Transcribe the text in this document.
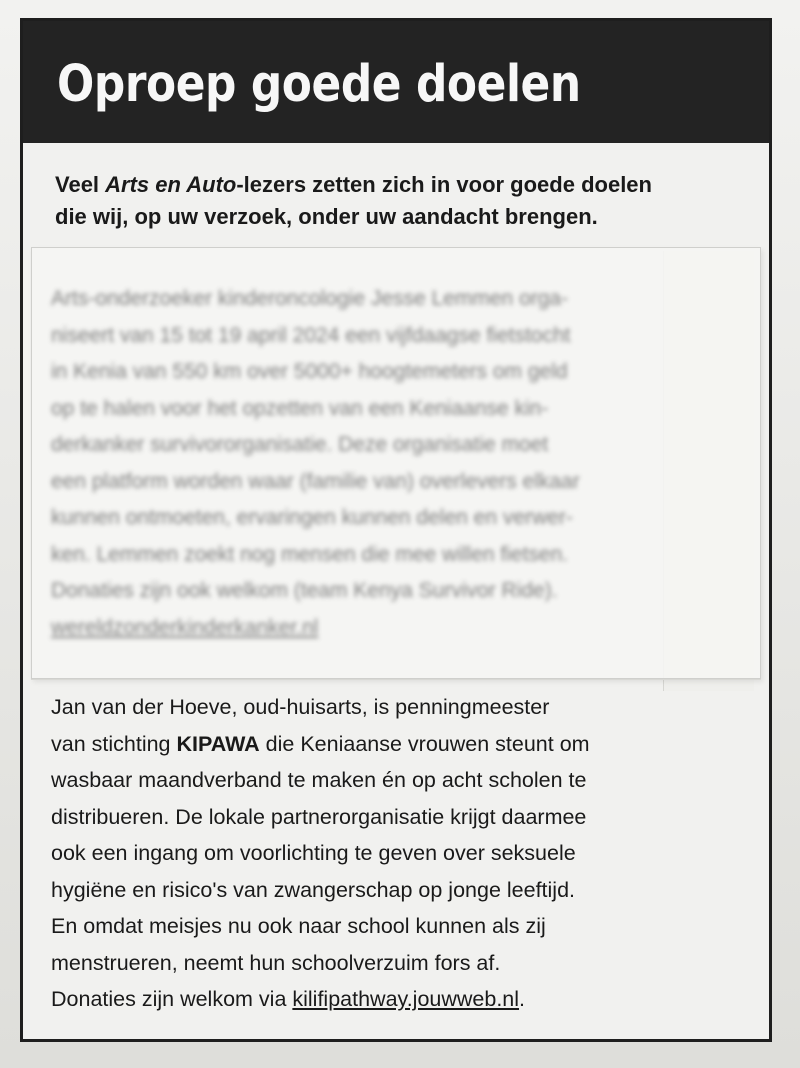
Oproep goede doelen
Veel Arts en Auto-lezers zetten zich in voor goede doelen
die wij, op uw verzoek, onder uw aandacht brengen.
Arts-onderzoeker kinderoncologie Jesse Lemmen orga-
niseert van 15 tot 19 april 2024 een vijfdaagse fietstocht
in Kenia van 550 km over 5000+ hoogtemeters om geld
op te halen voor het opzetten van een Keniaanse kin-
derkanker survivororganisatie. Deze organisatie moet
een platform worden waar (familie van) overlevers elkaar
kunnen ontmoeten, ervaringen kunnen delen en verwer-
ken. Lemmen zoekt nog mensen die mee willen fietsen.
Donaties zijn ook welkom (team Kenya Survivor Ride).
wereldzonderkinderkanker.nl

Jan van der Hoeve, oud-huisarts, is penningmeester

van stichting KIPAWA die Keniaanse vrouwen steunt om

wasbaar maandverband te maken én op acht scholen te

distribueren. De lokale partnerorganisatie krijgt daarmee

ook een ingang om voorlichting te geven over seksuele

hygiëne en risico's van zwangerschap op jonge leeftijd.

En omdat meisjes nu ook naar school kunnen als zij

menstrueren, neemt hun schoolverzuim fors af.

Donaties zijn welkom via kilifipathway.jouwweb.nl.
